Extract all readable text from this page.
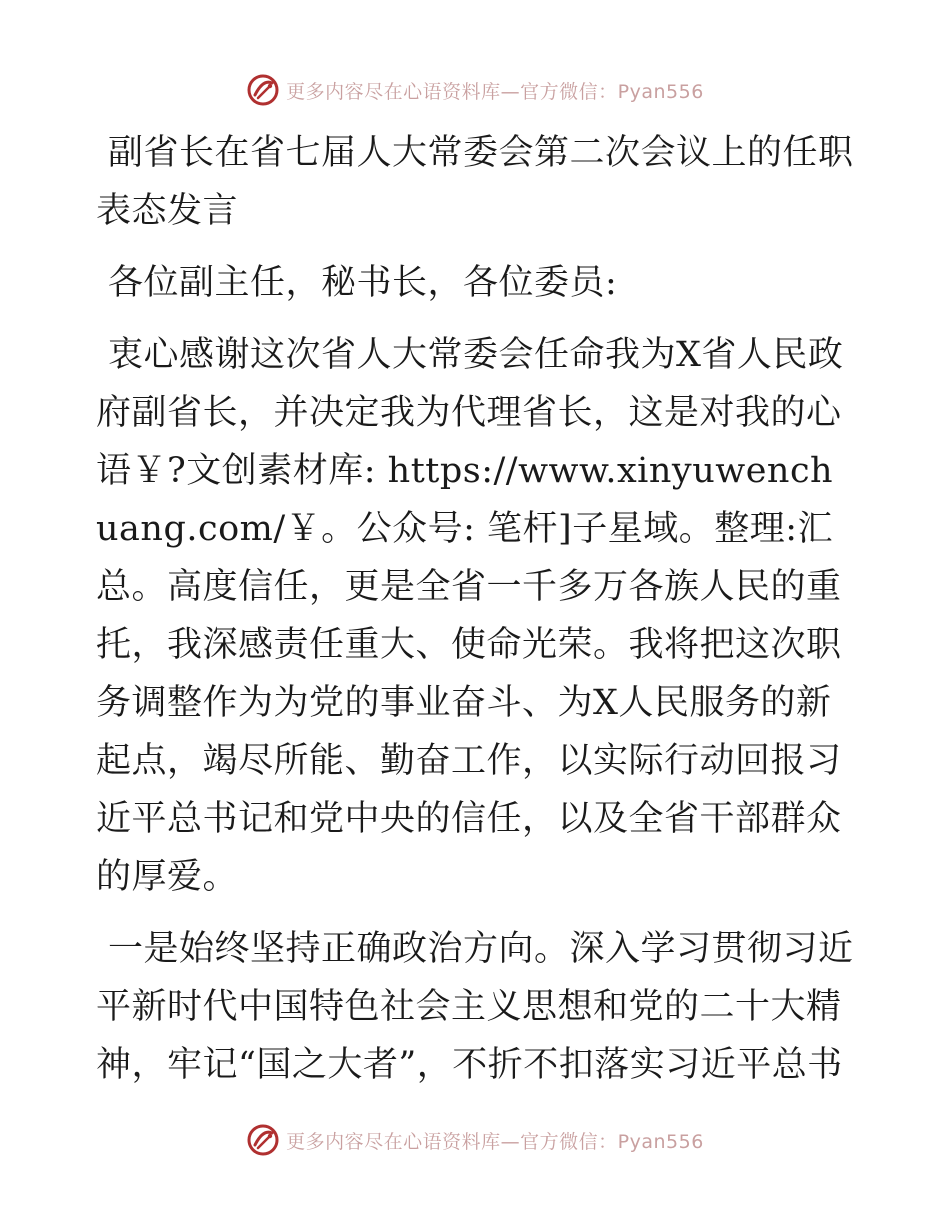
更多内容尽在心语资料库—官方微信：Pyan556

副省长在省七届人大常委会第二次会议上的任职表态发言

各位副主任，秘书长，各位委员:

衷心感谢这次省人大常委会任命我为X省人民政府副省长，并决定我为代理省长，这是对我的心语￥?文创素材库: https://www.xinyuwenchuang.com/￥。公众号: 笔杆]子星域。整理:汇总。高度信任，更是全省一千多万各族人民的重托，我深感责任重大、使命光荣。我将把这次职务调整作为为党的事业奋斗、为X人民服务的新起点，竭尽所能、勤奋工作，以实际行动回报习近平总书记和党中央的信任，以及全省干部群众的厚爱。

一是始终坚持正确政治方向。深入学习贯彻习近平新时代中国特色社会主义思想和党的二十大精神，牢记“国之大者”，不折不扣落实习近平总书

更多内容尽在心语资料库—官方微信：Pyan556
